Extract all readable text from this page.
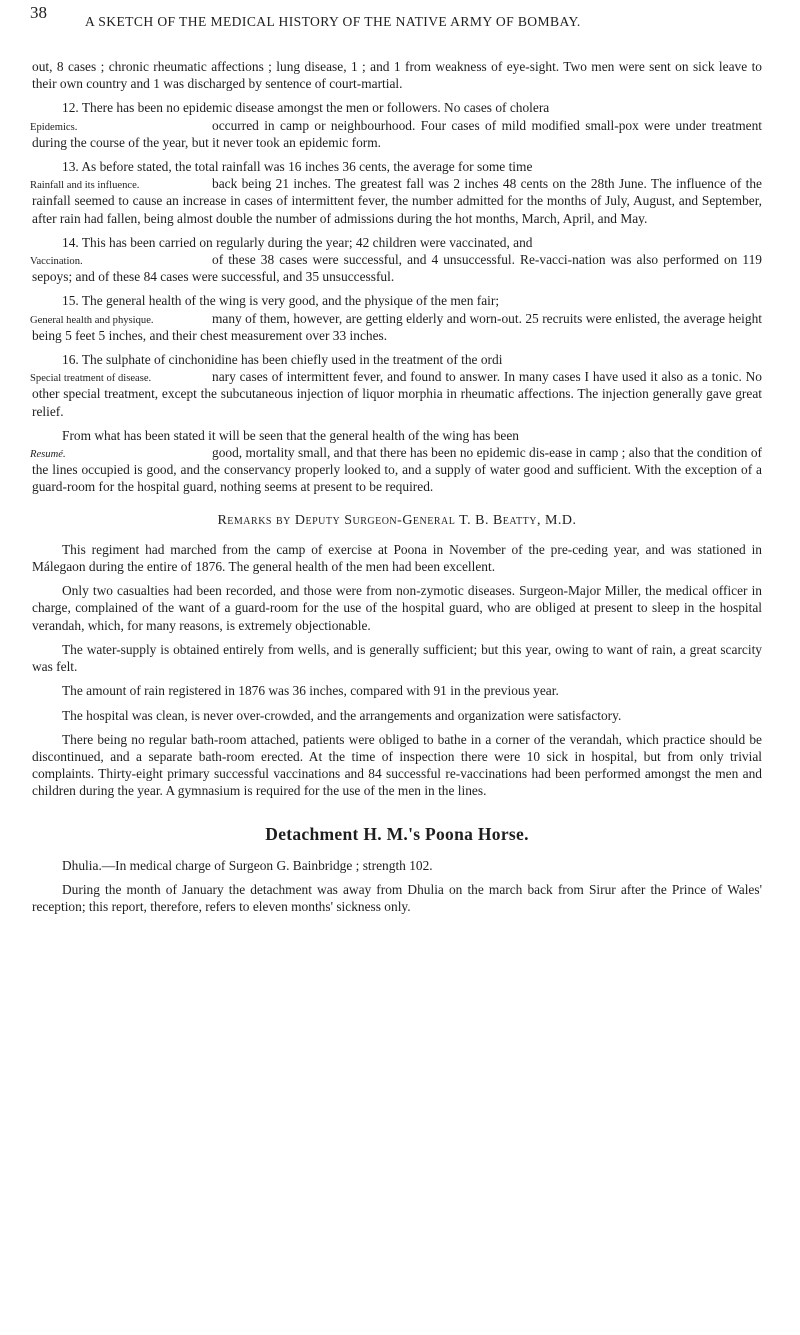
38	A SKETCH OF THE MEDICAL HISTORY OF THE NATIVE ARMY OF BOMBAY.

out, 8 cases ; chronic rheumatic affections ; lung disease, 1 ; and 1 from weakness of eye-sight. Two men were sent on sick leave to their own country and 1 was discharged by sentence of court-martial.

12. There has been no epidemic disease amongst the men or followers. No cases of cholera

Epidemics.	occurred in camp or neighbourhood. Four cases of mild modified small-pox were under treatment during the course of the year, but it never took an epidemic form.

13. As before stated, the total rainfall was 16 inches 36 cents, the average for some time

Rainfall and its influence.	back being 21 inches. The greatest fall was 2 inches 48 cents on the 28th June. The influence of the rainfall seemed to cause an increase in cases of intermittent fever, the number admitted for the months of July, August, and September, after rain had fallen, being almost double the number of admissions during the hot months, March, April, and May.

14. This has been carried on regularly during the year; 42 children were vaccinated, and

Vaccination.	of these 38 cases were successful, and 4 unsuccessful. Re-vacci-nation was also performed on 119 sepoys; and of these 84 cases were successful, and 35 unsuccessful.

15. The general health of the wing is very good, and the physique of the men fair;

General health and physique.	many of them, however, are getting elderly and worn-out. 25 recruits were enlisted, the average height being 5 feet 5 inches, and their chest measurement over 33 inches.

16. The sulphate of cinchonidine has been chiefly used in the treatment of the ordi

Special treatment of disease.	nary cases of intermittent fever, and found to answer. In many cases I have used it also as a tonic. No other special treatment, except the subcutaneous injection of liquor morphia in rheumatic affections. The injection generally gave great relief.

From what has been stated it will be seen that the general health of the wing has been

Resumé.	good, mortality small, and that there has been no epidemic dis-ease in camp ; also that the condition of the lines occupied is good, and the conservancy properly looked to, and a supply of water good and sufficient. With the exception of a guard-room for the hospital guard, nothing seems at present to be required.

Remarks by Deputy Surgeon-General T. B. Beatty, M.D.

This regiment had marched from the camp of exercise at Poona in November of the pre-ceding year, and was stationed in Málegaon during the entire of 1876. The general health of the men had been excellent.

Only two casualties had been recorded, and those were from non-zymotic diseases. Surgeon-Major Miller, the medical officer in charge, complained of the want of a guard-room for the use of the hospital guard, who are obliged at present to sleep in the hospital verandah, which, for many reasons, is extremely objectionable.

The water-supply is obtained entirely from wells, and is generally sufficient; but this year, owing to want of rain, a great scarcity was felt.

The amount of rain registered in 1876 was 36 inches, compared with 91 in the previous year.

The hospital was clean, is never over-crowded, and the arrangements and organization were satisfactory.

There being no regular bath-room attached, patients were obliged to bathe in a corner of the verandah, which practice should be discontinued, and a separate bath-room erected. At the time of inspection there were 10 sick in hospital, but from only trivial complaints. Thirty-eight primary successful vaccinations and 84 successful re-vaccinations had been performed amongst the men and children during the year. A gymnasium is required for the use of the men in the lines.

Detachment H. M.'s Poona Horse.

Dhulia.—In medical charge of Surgeon G. Bainbridge ; strength 102.

During the month of January the detachment was away from Dhulia on the march back from Sirur after the Prince of Wales' reception; this report, therefore, refers to eleven months' sickness only.
